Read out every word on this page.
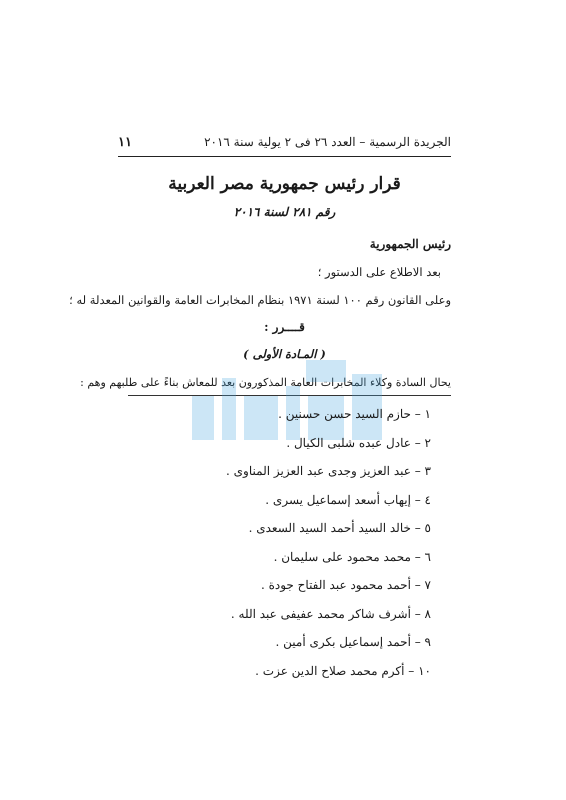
الجريدة الرسمية – العدد ٢٦ فى ٢ يولية سنة ٢٠١٦
١١
قرار رئيس جمهورية مصر العربية
رقم ٢٨١ لسنة ٢٠١٦
رئيس الجمهورية
بعد الاطلاع على الدستور ؛
وعلى القانون رقم ١٠٠ لسنة ١٩٧١ بنظام المخابرات العامة والقوانين المعدلة له ؛
قــــرر :
( المـادة الأولى )
يحال السادة وكلاء المخابرات العامة المذكورون بعد للمعاش بناءً على طلبهم وهم :
١ – حازم السيد حسن حسنين .
٢ – عادل عبده شلبى الكيال .
٣ – عبد العزيز وجدى عبد العزيز المناوى .
٤ – إيهاب أسعد إسماعيل يسرى .
٥ – خالد السيد أحمد السيد السعدى .
٦ – محمد محمود على سليمان .
٧ – أحمد محمود عبد الفتاح جودة .
٨ – أشرف شاكر محمد عفيفى عبد الله .
٩ – أحمد إسماعيل بكرى أمين .
١٠ – أكرم محمد صلاح الدين عزت .
